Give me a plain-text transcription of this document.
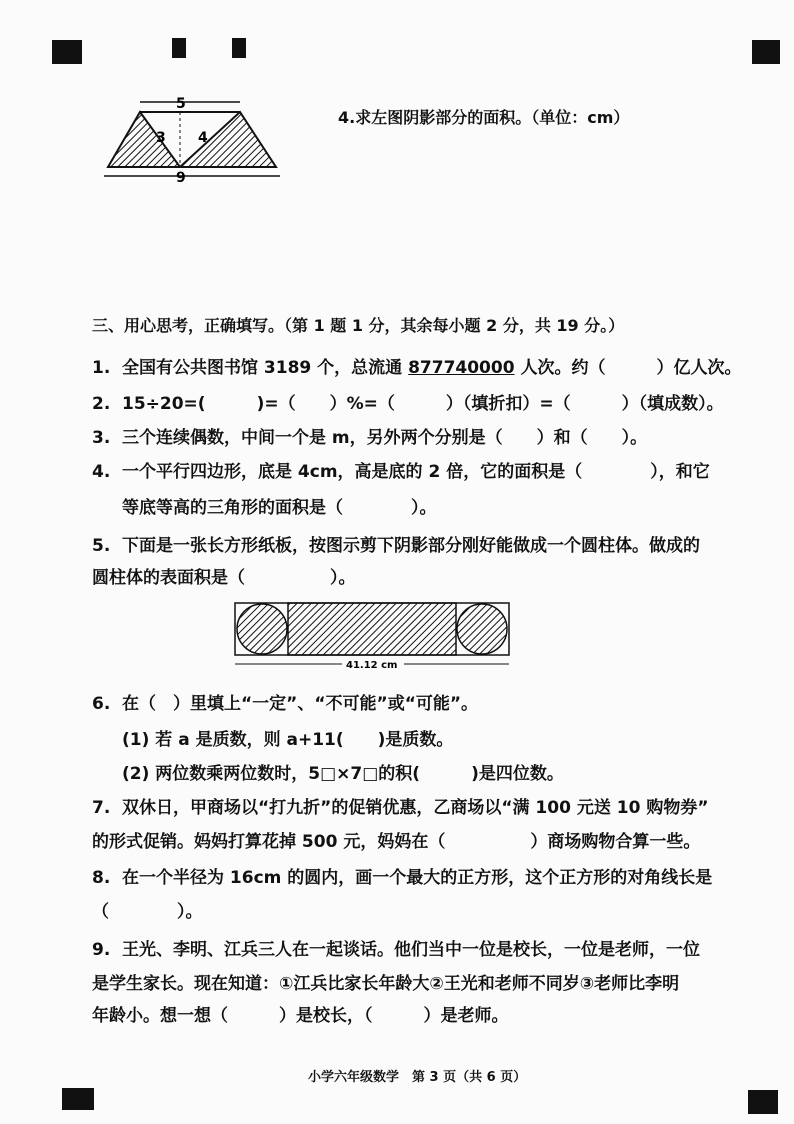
5
3 4
9
4.求左图阴影部分的面积。（单位：cm）
三、用心思考，正确填写。（第 1 题 1 分，其余每小题 2 分，共 19 分。）
1. 全国有公共图书馆 3189 个，总流通 877740000 人次。约（　　　）亿人次。
2. 15÷20=(　　　)=（　　）%=（　　　）（填折扣）=（　　　）（填成数）。
3. 三个连续偶数，中间一个是 m，另外两个分别是（　　）和（　　）。
4. 一个平行四边形，底是 4cm，高是底的 2 倍，它的面积是（　　　　），和它
等底等高的三角形的面积是（　　　　）。
5. 下面是一张长方形纸板，按图示剪下阴影部分刚好能做成一个圆柱体。做成的
圆柱体的表面积是（　　　　　）。
41.12 cm
6. 在（　）里填上“一定”、“不可能”或“可能”。
(1) 若 a 是质数，则 a+11(　　)是质数。
(2) 两位数乘两位数时，5□×7□的积(　　　)是四位数。
7. 双休日，甲商场以“打九折”的促销优惠，乙商场以“满 100 元送 10 购物券”
的形式促销。妈妈打算花掉 500 元，妈妈在（　　　　　）商场购物合算一些。
8. 在一个半径为 16cm 的圆内，画一个最大的正方形，这个正方形的对角线长是
（　　　　）。
9. 王光、李明、江兵三人在一起谈话。他们当中一位是校长，一位是老师，一位
是学生家长。现在知道：①江兵比家长年龄大②王光和老师不同岁③老师比李明
年龄小。想一想（　　　）是校长，（　　　）是老师。
小学六年级数学　第 3 页（共 6 页）
